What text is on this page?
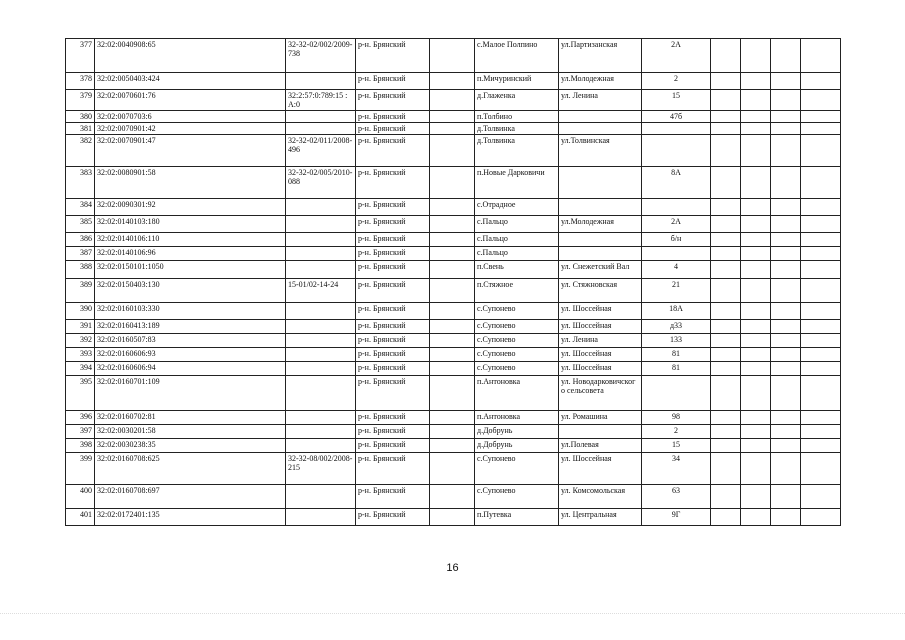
377	32:02:0040908:65	32-32-02/002/2009-738	р-н. Брянский		с.Малое Полпино	ул.Партизанская	2А				
378	32:02:0050403:424		р-н. Брянский		п.Мичуринский	ул.Молодежная	2				
379	32:02:0070601:76	32:2:57:0:789:15 :А:0	р-н. Брянский		д.Глаженка	ул. Ленина	15				
380	32:02:0070703:6		р-н. Брянский		п.Толбино		47б				
381	32:02:0070901:42		р-н. Брянский		д.Толвинка						
382	32:02:0070901:47	32-32-02/011/2008-496	р-н. Брянский		д.Толвинка	ул.Толвинская					
383	32:02:0080901:58	32-32-02/005/2010-088	р-н. Брянский		п.Новые Дарковичи		8А				
384	32:02:0090301:92		р-н. Брянский		с.Отрадное						
385	32:02:0140103:180		р-н. Брянский		с.Пальцо	ул.Молодежная	2А				
386	32:02:0140106:110		р-н. Брянский		с.Пальцо		б/н				
387	32:02:0140106:96		р-н. Брянский		с.Пальцо						
388	32:02:0150101:1050		р-н. Брянский		п.Свень	ул. Снежетский Вал	4				
389	32:02:0150403:130	15-01/02-14-24	р-н. Брянский		п.Стяжное	ул. Стяжновская	21				
390	32:02:0160103:330		р-н. Брянский		с.Супонево	ул. Шоссейная	18А				
391	32:02:0160413:189		р-н. Брянский		с.Супонево	ул. Шоссейная	д33				
392	32:02:0160507:83		р-н. Брянский		с.Супонево	ул. Ленина	133				
393	32:02:0160606:93		р-н. Брянский		с.Супонево	ул. Шоссейная	81				
394	32:02:0160606:94		р-н. Брянский		с.Супонево	ул. Шоссейная	81				
395	32:02:0160701:109		р-н. Брянский		п.Антоновка	ул. Новодарковичского сельсовета					
396	32:02:0160702:81		р-н. Брянский		п.Антоновка	ул. Ромашина	98				
397	32:02:0030201:58		р-н. Брянский		д.Добрунь		2				
398	32:02:0030238:35		р-н. Брянский		д.Добрунь	ул.Полевая	15				
399	32:02:0160708:625	32-32-08/002/2008-215	р-н. Брянский		с.Супонево	ул. Шоссейная	34				
400	32:02:0160708:697		р-н. Брянский		с.Супонево	ул. Комсомольская	63				
401	32:02:0172401:135		р-н. Брянский		п.Путевка	ул. Центральная	9Г				
16
